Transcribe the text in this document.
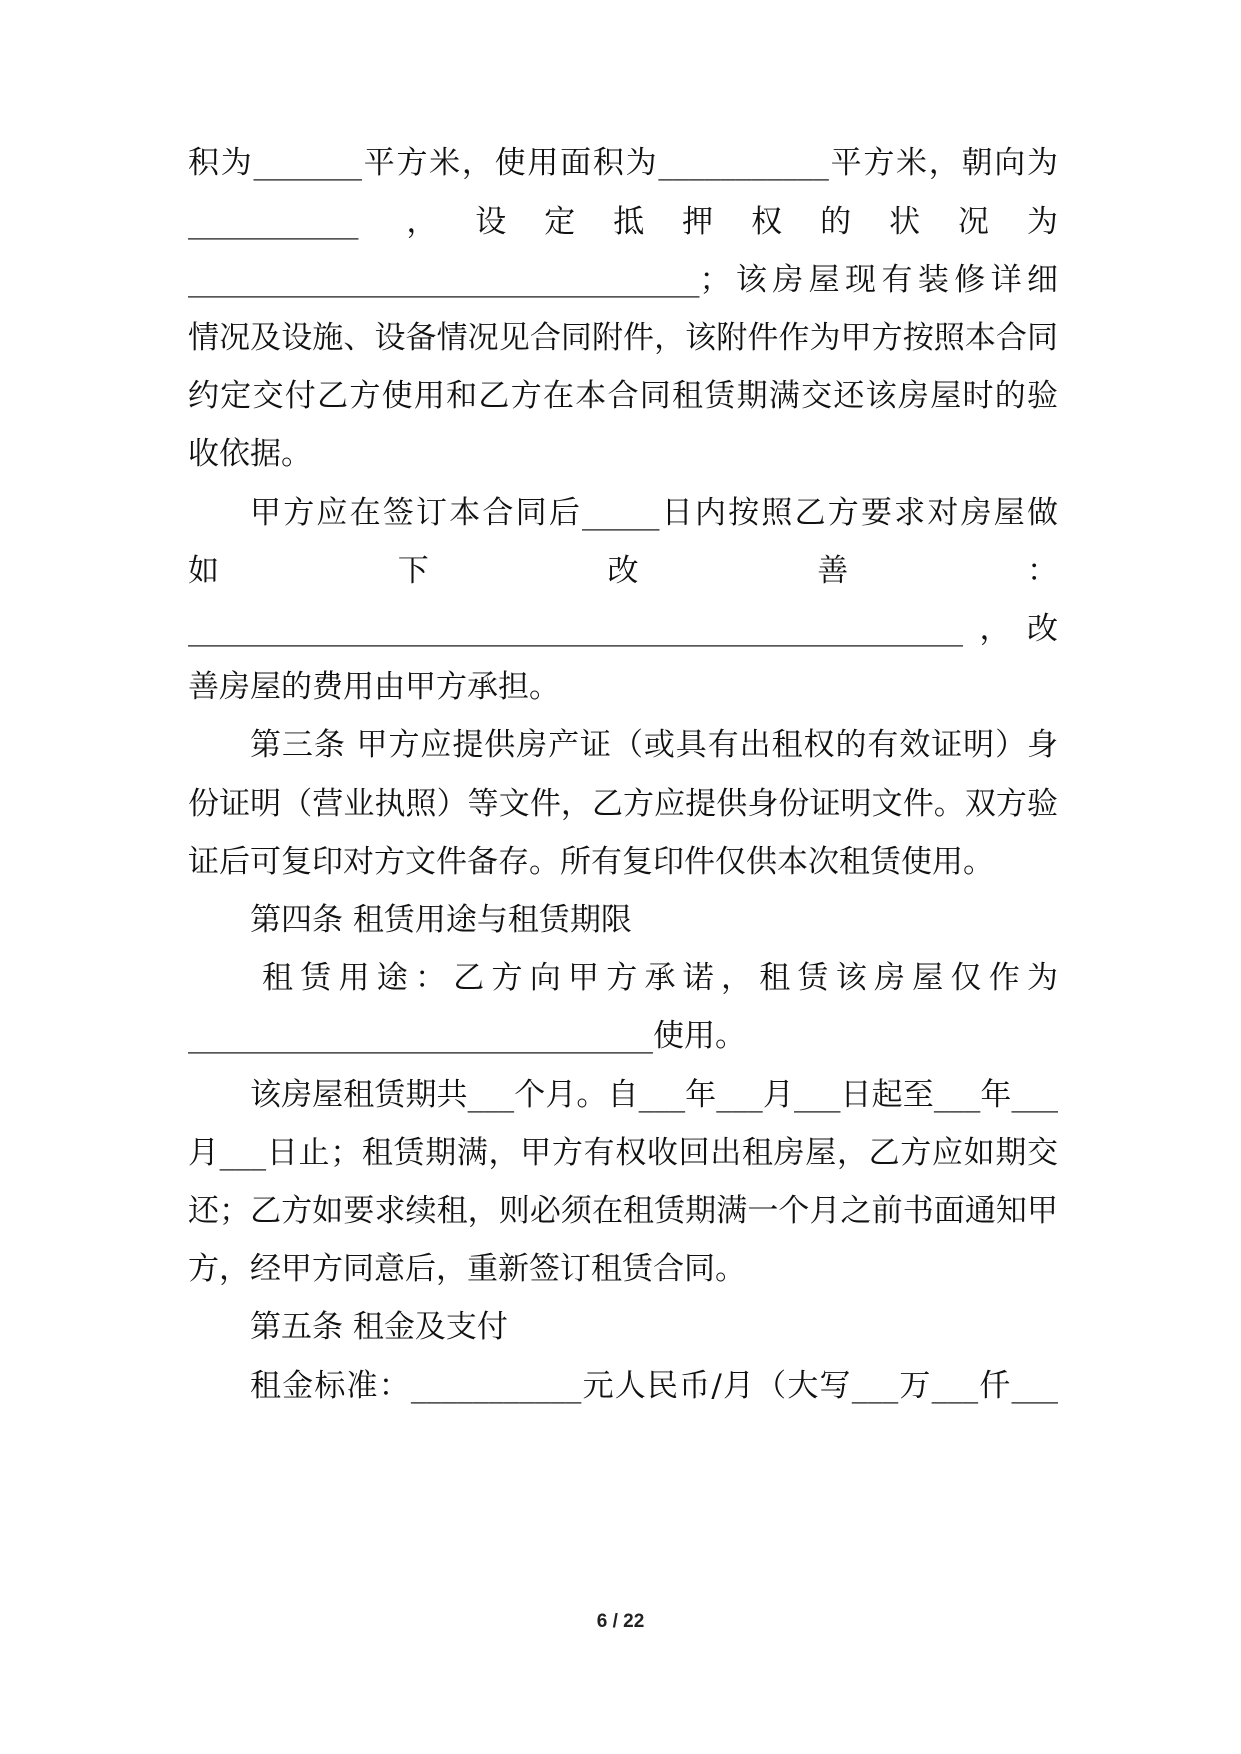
积为_______平方米，使用面积为___________平方米，朝向为
___________ ，设定抵押权的状况为
_________________________________；该房屋现有装修详细
情况及设施、设备情况见合同附件，该附件作为甲方按照本合同
约定交付乙方使用和乙方在本合同租赁期满交还该房屋时的验
收依据。
甲方应在签订本合同后_____日内按照乙方要求对房屋做
如下改善：
__________________________________________________，改
善房屋的费用由甲方承担。
第三条 甲方应提供房产证（或具有出租权的有效证明）身
份证明（营业执照）等文件，乙方应提供身份证明文件。双方验
证后可复印对方文件备存。所有复印件仅供本次租赁使用。
第四条 租赁用途与租赁期限
租赁用途：乙方向甲方承诺，租赁该房屋仅作为
______________________________使用。
该房屋租赁期共___个月。自___年___月___日起至___年___
月___日止；租赁期满，甲方有权收回出租房屋，乙方应如期交
还；乙方如要求续租，则必须在租赁期满一个月之前书面通知甲
方，经甲方同意后，重新签订租赁合同。
第五条 租金及支付
租金标准：___________元人民币/月（大写___万___仟___
6 / 22
